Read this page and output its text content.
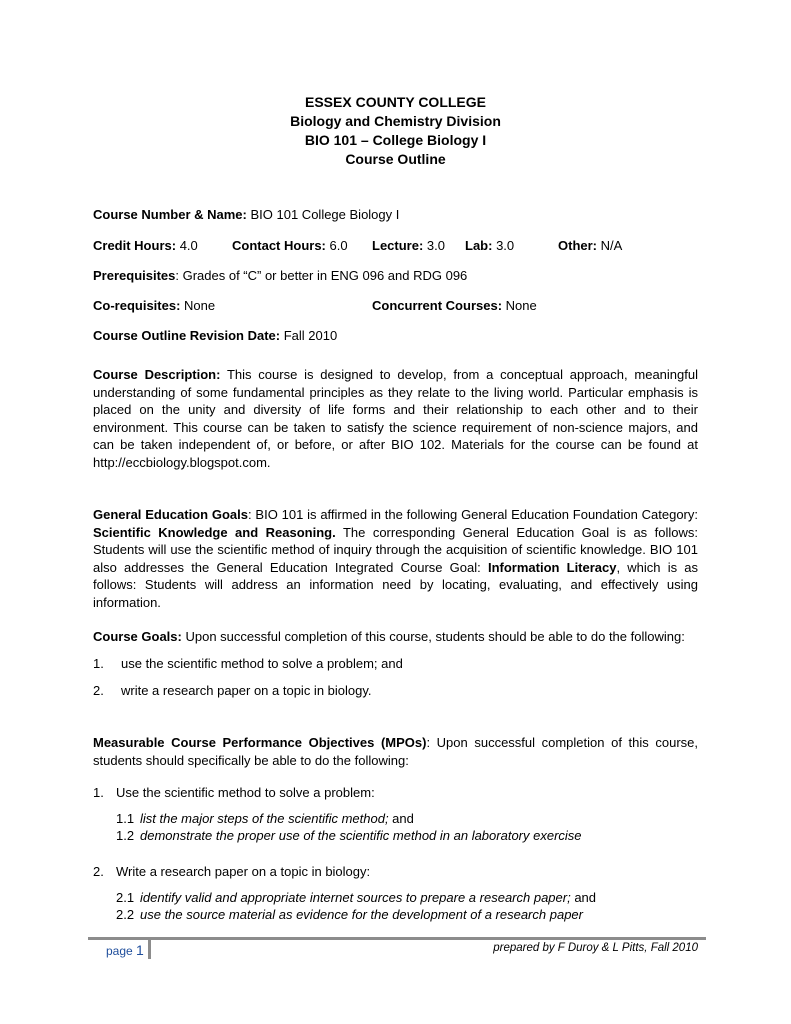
ESSEX COUNTY COLLEGE
Biology and Chemistry Division
BIO 101 – College Biology I
Course Outline
Course Number & Name: BIO 101 College Biology I
Credit Hours: 4.0	Contact Hours: 6.0 Lecture: 3.0 Lab: 3.0	Other: N/A
Prerequisites: Grades of “C” or better in ENG 096 and RDG 096
Co-requisites: None	Concurrent Courses: None
Course Outline Revision Date: Fall 2010

Course Description: This course is designed to develop, from a conceptual approach, meaningful understanding of some fundamental principles as they relate to the living world. Particular emphasis is placed on the unity and diversity of life forms and their relationship to each other and to their environment. This course can be taken to satisfy the science requirement of non-science majors, and can be taken independent of, or before, or after BIO 102. Materials for the course can be found at http://eccbiology.blogspot.com.

General Education Goals: BIO 101 is affirmed in the following General Education Foundation Category: Scientific Knowledge and Reasoning. The corresponding General Education Goal is as follows: Students will use the scientific method of inquiry through the acquisition of scientific knowledge. BIO 101 also addresses the General Education Integrated Course Goal: Information Literacy, which is as follows: Students will address an information need by locating, evaluating, and effectively using information.

Course Goals: Upon successful completion of this course, students should be able to do the following:
1. use the scientific method to solve a problem; and
2. write a research paper on a topic in biology.

Measurable Course Performance Objectives (MPOs): Upon successful completion of this course, students should specifically be able to do the following:

1. Use the scientific method to solve a problem:
1.1 list the major steps of the scientific method; and
1.2 demonstrate the proper use of the scientific method in an laboratory exercise
2. Write a research paper on a topic in biology:
2.1 identify valid and appropriate internet sources to prepare a research paper; and
2.2 use the source material as evidence for the development of a research paper
page 1	prepared by F Duroy & L Pitts, Fall 2010
